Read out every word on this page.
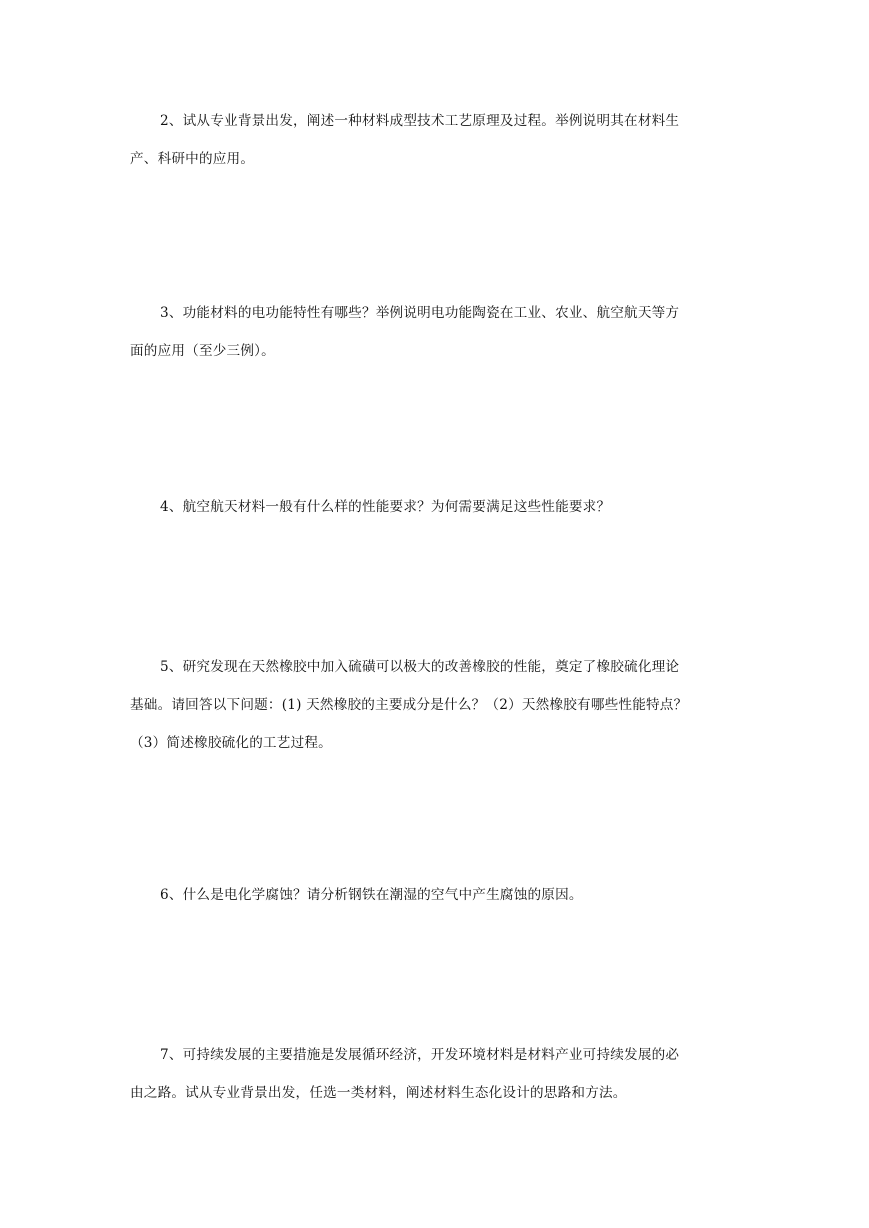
2、试从专业背景出发，阐述一种材料成型技术工艺原理及过程。举例说明其在材料生
产、科研中的应用。

3、功能材料的电功能特性有哪些？举例说明电功能陶瓷在工业、农业、航空航天等方
面的应用（至少三例）。

4、航空航天材料一般有什么样的性能要求？为何需要满足这些性能要求？

5、研究发现在天然橡胶中加入硫磺可以极大的改善橡胶的性能，奠定了橡胶硫化理论
基础。请回答以下问题：(1) 天然橡胶的主要成分是什么？（2）天然橡胶有哪些性能特点？
（3）简述橡胶硫化的工艺过程。

6、什么是电化学腐蚀？请分析钢铁在潮湿的空气中产生腐蚀的原因。

7、可持续发展的主要措施是发展循环经济，开发环境材料是材料产业可持续发展的必
由之路。试从专业背景出发，任选一类材料，阐述材料生态化设计的思路和方法。
